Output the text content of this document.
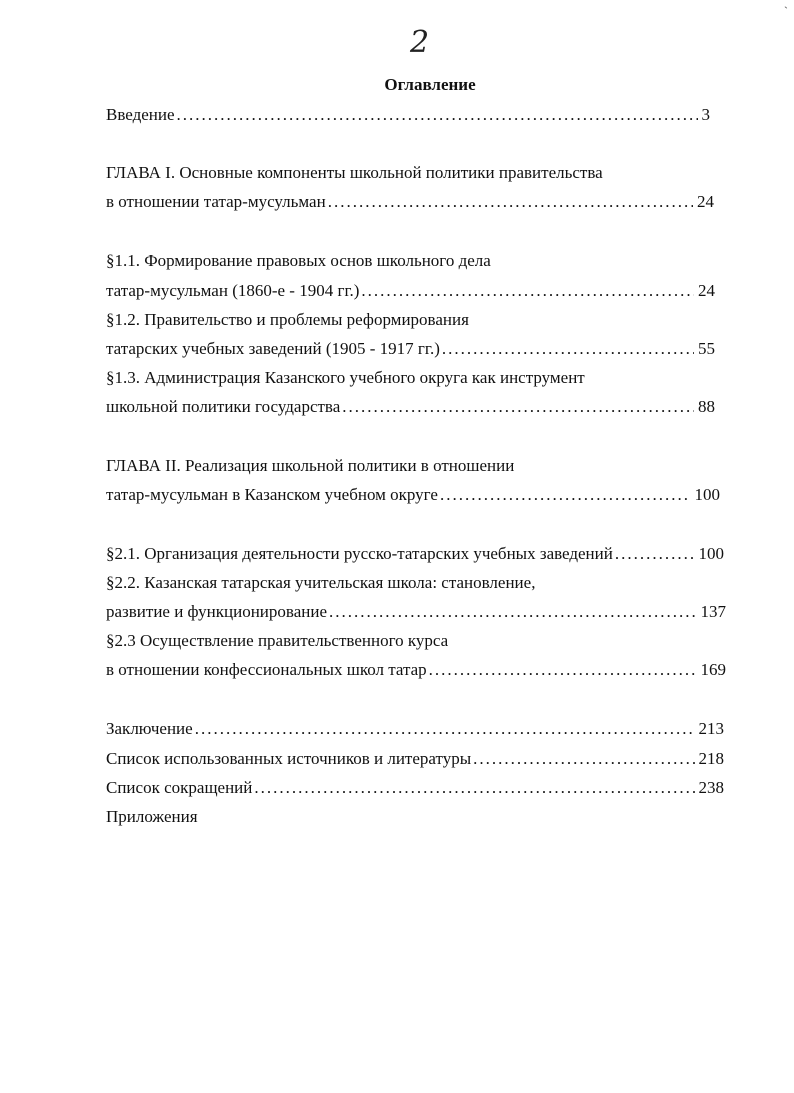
2
`
Оглавление
Введение .....	3
ГЛАВА I. Основные компоненты школьной политики правительства
в отношении татар-мусульман .....	24
§1.1. Формирование правовых основ школьного дела
татар-мусульман (1860-е - 1904 гг.) .....	24
§1.2. Правительство и проблемы реформирования
татарских учебных заведений (1905 - 1917 гг.) .....	55
§1.3. Администрация Казанского учебного округа как инструмент
школьной политики государства .....	88
ГЛАВА II. Реализация школьной политики в отношении
татар-мусульман в Казанском учебном округе .....	100
§2.1. Организация деятельности русско-татарских учебных заведений .....	100
§2.2. Казанская татарская учительская школа: становление,
развитие и функционирование .....	137
§2.3 Осуществление правительственного курса
в отношении конфессиональных школ татар .....	169
Заключение .....	213
Список использованных источников и литературы .....	218
Список сокращений .....	238
Приложения
